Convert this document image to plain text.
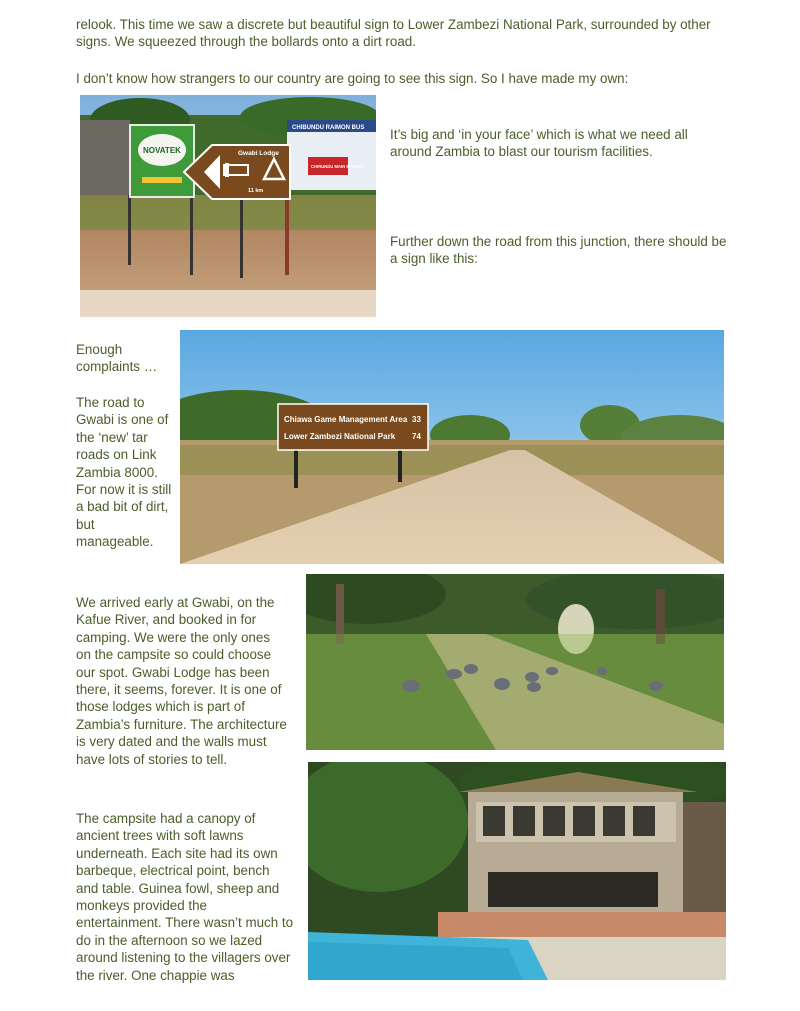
relook. This time we saw a discrete but beautiful sign to Lower Zambezi National Park, surrounded by other signs. We squeezed through the bollards onto a dirt road.

I don’t know how strangers to our country are going to see this sign. So I have made my own:

CHIBUNDU RAIMON BUS
CHIRUNDU MAIN MARKET
NOVATEK	Gwabi Lodge
11 km

It’s big and ‘in your face’ which is what we need all around Zambia to blast our tourism facilities.

Further down the road from this junction, there should be a sign like this:

Enough complaints …

The road to Gwabi is one of the ‘new’ tar roads on Link Zambia 8000. For now it is still a bad bit of dirt, but manageable.

Chiawa Game Management Area 33
Lower Zambezi National Park 74

We arrived early at Gwabi, on the Kafue River, and booked in for camping. We were the only ones on the campsite so could choose our spot. Gwabi Lodge has been there, it seems, forever. It is one of those lodges which is part of Zambia’s furniture. The architecture is very dated and the walls must have lots of stories to tell.

The campsite had a canopy of ancient trees with soft lawns underneath. Each site had its own barbeque, electrical point, bench and table. Guinea fowl, sheep and monkeys provided the entertainment. There wasn’t much to do in the afternoon so we lazed around listening to the villagers over the river. One chappie was
